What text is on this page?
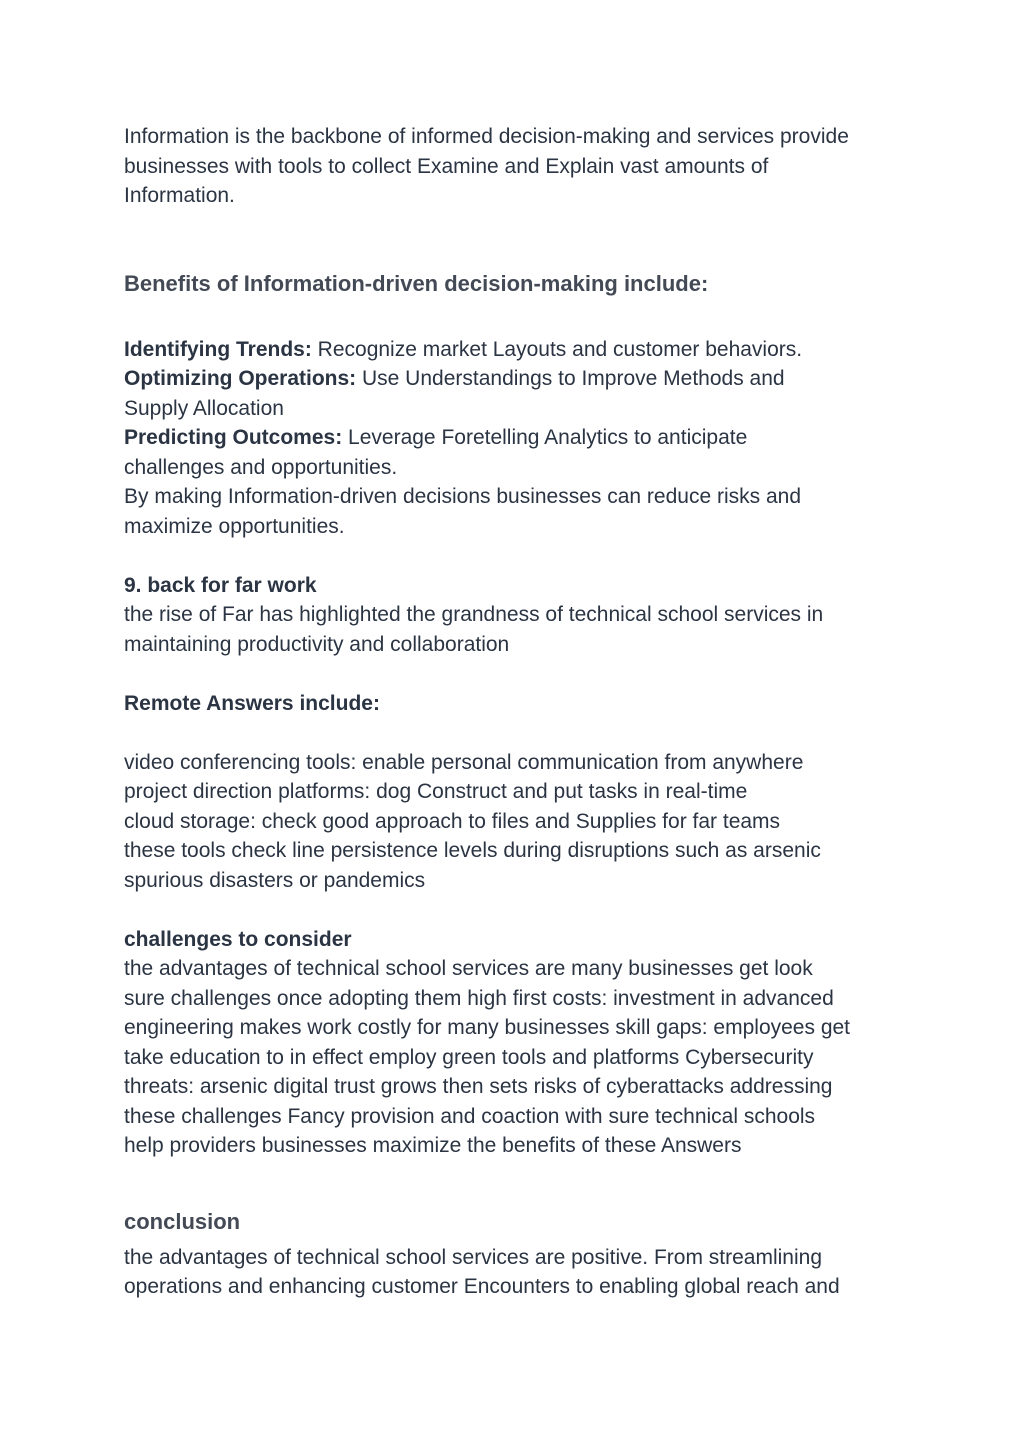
Information is the backbone of informed decision-making and services provide

businesses with tools to collect Examine and Explain vast amounts of

Information.

Benefits of Information-driven decision-making include:

Identifying Trends: Recognize market Layouts and customer behaviors.

Optimizing Operations: Use Understandings to Improve Methods and

Supply Allocation

Predicting Outcomes: Leverage Foretelling Analytics to anticipate

challenges and opportunities.

By making Information-driven decisions businesses can reduce risks and

maximize opportunities.

9. back for far work

the rise of Far has highlighted the grandness of technical school services in

maintaining productivity and collaboration

Remote Answers include:

video conferencing tools: enable personal communication from anywhere

project direction platforms: dog Construct and put tasks in real-time

cloud storage: check good approach to files and Supplies for far teams

these tools check line persistence levels during disruptions such as arsenic

spurious disasters or pandemics

challenges to consider

the advantages of technical school services are many businesses get look

sure challenges once adopting them high first costs: investment in advanced

engineering makes work costly for many businesses skill gaps: employees get

take education to in effect employ green tools and platforms Cybersecurity

threats: arsenic digital trust grows then sets risks of cyberattacks addressing

these challenges Fancy provision and coaction with sure technical schools

help providers businesses maximize the benefits of these Answers

conclusion

the advantages of technical school services are positive. From streamlining

operations and enhancing customer Encounters to enabling global reach and
